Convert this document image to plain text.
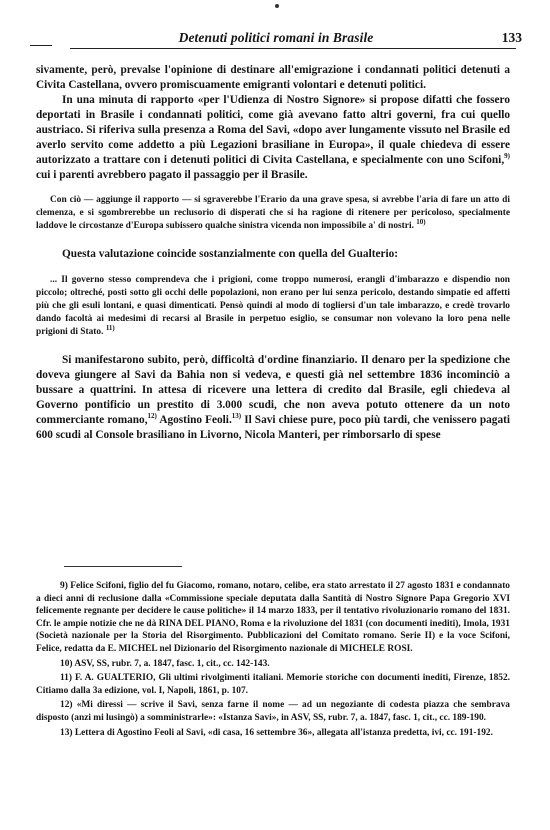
Detenuti politici romani in Brasile	133

sivamente, però, prevalse l'opinione di destinare all'emigrazione i condannati politici detenuti a Civita Castellana, ovvero promiscuamente emigranti volontari e detenuti politici.

In una minuta di rapporto «per l'Udienza di Nostro Signore» si propose difatti che fossero deportati in Brasile i condannati politici, come già avevano fatto altri governi, fra cui quello austriaco. Si riferiva sulla presenza a Roma del Savi, «dopo aver lungamente vissuto nel Brasile ed averlo servito come addetto a più Legazioni brasiliane in Europa», il quale chiedeva di essere autorizzato a trattare con i detenuti politici di Civita Castellana, e specialmente con uno Scifoni,$^{9)}$ cui i parenti avrebbero pagato il passaggio per il Brasile.

Con ciò — aggiunge il rapporto — si sgraverebbe l'Erario da una grave spesa, si avrebbe l'aria di fare un atto di clemenza, e si sgombrerebbe un reclusorio di disperati che si ha ragione di ritenere per pericoloso, specialmente laddove le circostanze d'Europa subissero qualche sinistra vicenda non impossibile a' di nostri. $^{10)}$

Questa valutazione coincide sostanzialmente con quella del Gualterio:

... Il governo stesso comprendeva che i prigioni, come troppo numerosi, erangli d'imbarazzo e dispendio non piccolo; oltreché, posti sotto gli occhi delle popolazioni, non erano per lui senza pericolo, destando simpatie ed affetti più che gli esuli lontani, e quasi dimenticati. Pensò quindi al modo di togliersi d'un tale imbarazzo, e credè trovarlo dando facoltà ai medesimi di recarsi al Brasile in perpetuo esiglio, se consumar non volevano la loro pena nelle prigioni di Stato. $^{11)}$

Si manifestarono subito, però, difficoltà d'ordine finanziario. Il denaro per la spedizione che doveva giungere al Savi da Bahia non si vedeva, e questi già nel settembre 1836 incominciò a bussare a quattrini. In attesa di ricevere una lettera di credito dal Brasile, egli chiedeva al Governo pontificio un prestito di 3.000 scudi, che non aveva potuto ottenere da un noto commerciante romano,$^{12)}$ Agostino Feoli.$^{13)}$ Il Savi chiese pure, poco più tardi, che venissero pagati 600 scudi al Console brasiliano in Livorno, Nicola Manteri, per rimborsarlo di spese

9) Felice Scifoni, figlio del fu Giacomo, romano, notaro, celibe, era stato arrestato il 27 agosto 1831 e condannato a dieci anni di reclusione dalla «Commissione speciale deputata dalla Santità di Nostro Signore Papa Gregorio XVI felicemente regnante per decidere le cause politiche» il 14 marzo 1833, per il tentativo rivoluzionario romano del 1831. Cfr. le ampie notizie che ne dà RINA DEL PIANO, Roma e la rivoluzione del 1831 (con documenti inediti), Imola, 1931 (Società nazionale per la Storia del Risorgimento. Pubblicazioni del Comitato romano. Serie II) e la voce Scifoni, Felice, redatta da E. MICHEL nel Dizionario del Risorgimento nazionale di MICHELE ROSI.

10) ASV, SS, rubr. 7, a. 1847, fasc. 1, cit., cc. 142-143.

11) F. A. GUALTERIO, Gli ultimi rivolgimenti italiani. Memorie storiche con documenti inediti, Firenze, 1852. Citiamo dalla 3a edizione, vol. I, Napoli, 1861, p. 107.

12) «Mi diressi — scrive il Savi, senza farne il nome — ad un negoziante di codesta piazza che sembrava disposto (anzi mi lusingò) a somministrarle»: «Istanza Savi», in ASV, SS, rubr. 7, a. 1847, fasc. 1, cit., cc. 189-190.

13) Lettera di Agostino Feoli al Savi, «di casa, 16 settembre 36», allegata all'istanza predetta, ivi, cc. 191-192.
